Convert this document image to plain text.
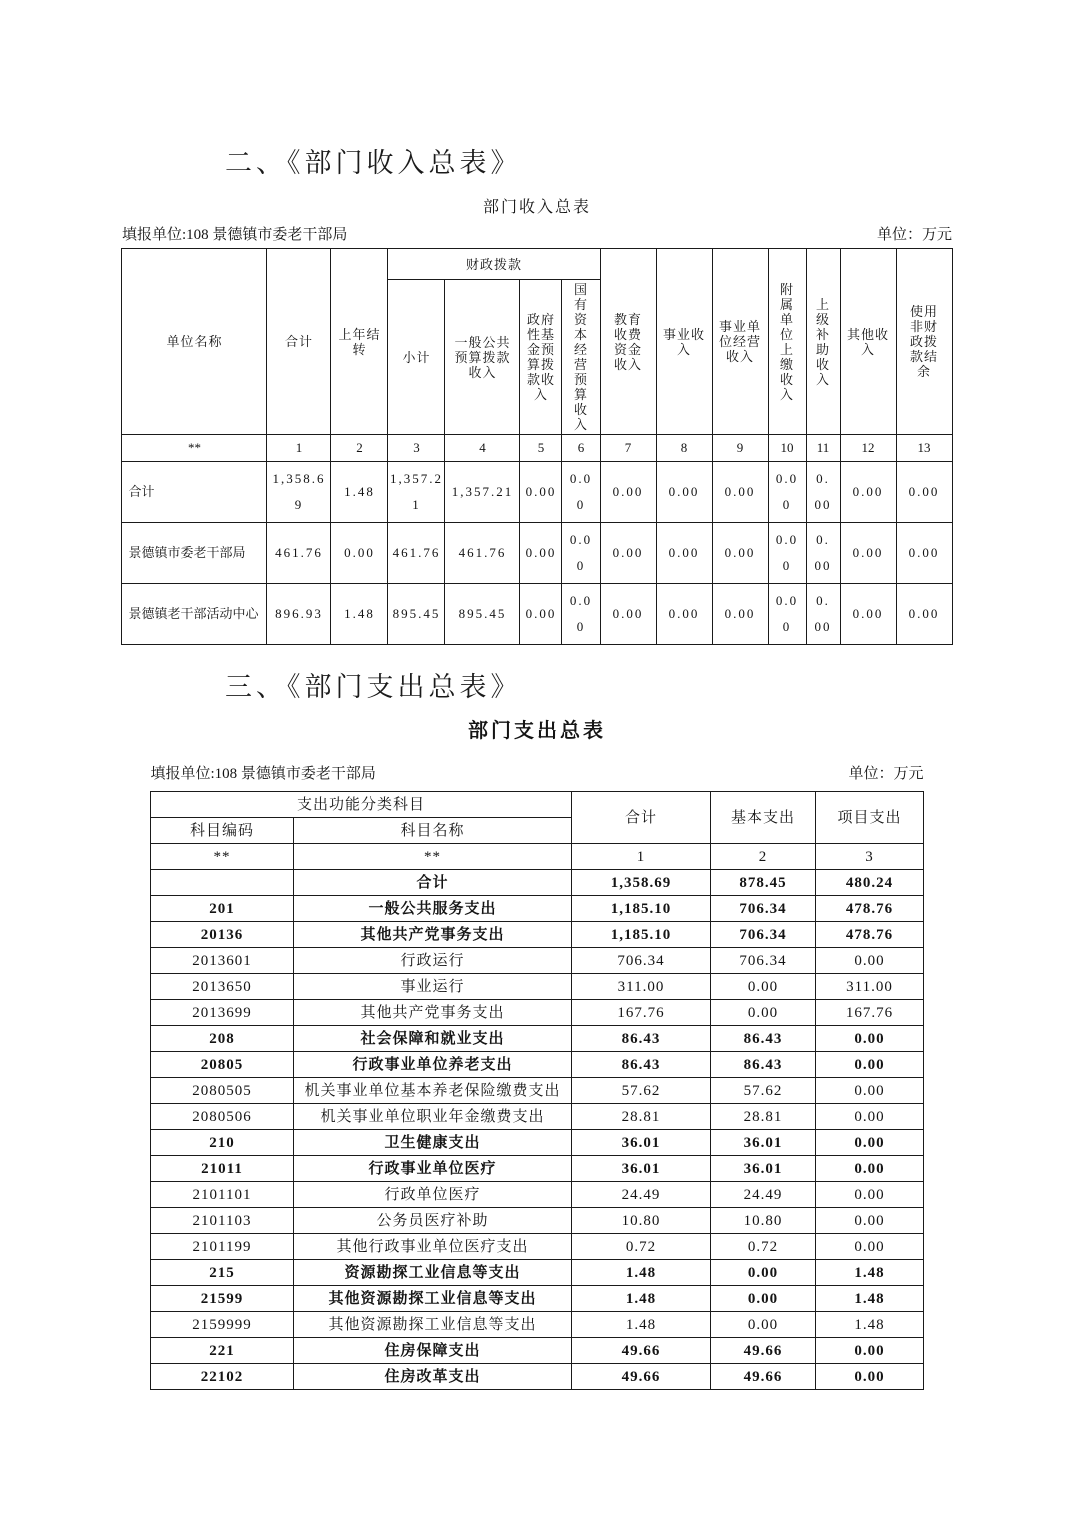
二、《部门收入总表》
部门收入总表
填报单位:108 景德镇市委老干部局	单位：万元
单位名称	合计	上年结转	财政拨款				教育收费资金收入	事业收入	事业单位经营收入	附属单位上缴收入	上级补助收入	其他收入	使用非财政拨款结余
			小计	一般公共预算拨款收入	政府性基金预算拨款收入	国有资本经营预算收入							
**	1	2	3	4	5	6	7	8	9	10	11	12	13
合计	1,358.69	1.48	1,357.21	1,357.21	0.00	0.00	0.00	0.00	0.00	0.00	0.00	0.00	0.00
景德镇市委老干部局	461.76	0.00	461.76	461.76	0.00	0.00	0.00	0.00	0.00	0.00	0.00	0.00	0.00
景德镇老干部活动中心	896.93	1.48	895.45	895.45	0.00	0.00	0.00	0.00	0.00	0.00	0.00	0.00	0.00
三、《部门支出总表》
部门支出总表
填报单位:108 景德镇市委老干部局	单位：万元
支出功能分类科目		合计	基本支出	项目支出
科目编码	科目名称			
**	**	1	2	3
	合计	1,358.69	878.45	480.24
201	一般公共服务支出	1,185.10	706.34	478.76
20136	其他共产党事务支出	1,185.10	706.34	478.76
2013601	行政运行	706.34	706.34	0.00
2013650	事业运行	311.00	0.00	311.00
2013699	其他共产党事务支出	167.76	0.00	167.76
208	社会保障和就业支出	86.43	86.43	0.00
20805	行政事业单位养老支出	86.43	86.43	0.00
2080505	机关事业单位基本养老保险缴费支出	57.62	57.62	0.00
2080506	机关事业单位职业年金缴费支出	28.81	28.81	0.00
210	卫生健康支出	36.01	36.01	0.00
21011	行政事业单位医疗	36.01	36.01	0.00
2101101	行政单位医疗	24.49	24.49	0.00
2101103	公务员医疗补助	10.80	10.80	0.00
2101199	其他行政事业单位医疗支出	0.72	0.72	0.00
215	资源勘探工业信息等支出	1.48	0.00	1.48
21599	其他资源勘探工业信息等支出	1.48	0.00	1.48
2159999	其他资源勘探工业信息等支出	1.48	0.00	1.48
221	住房保障支出	49.66	49.66	0.00
22102	住房改革支出	49.66	49.66	0.00
